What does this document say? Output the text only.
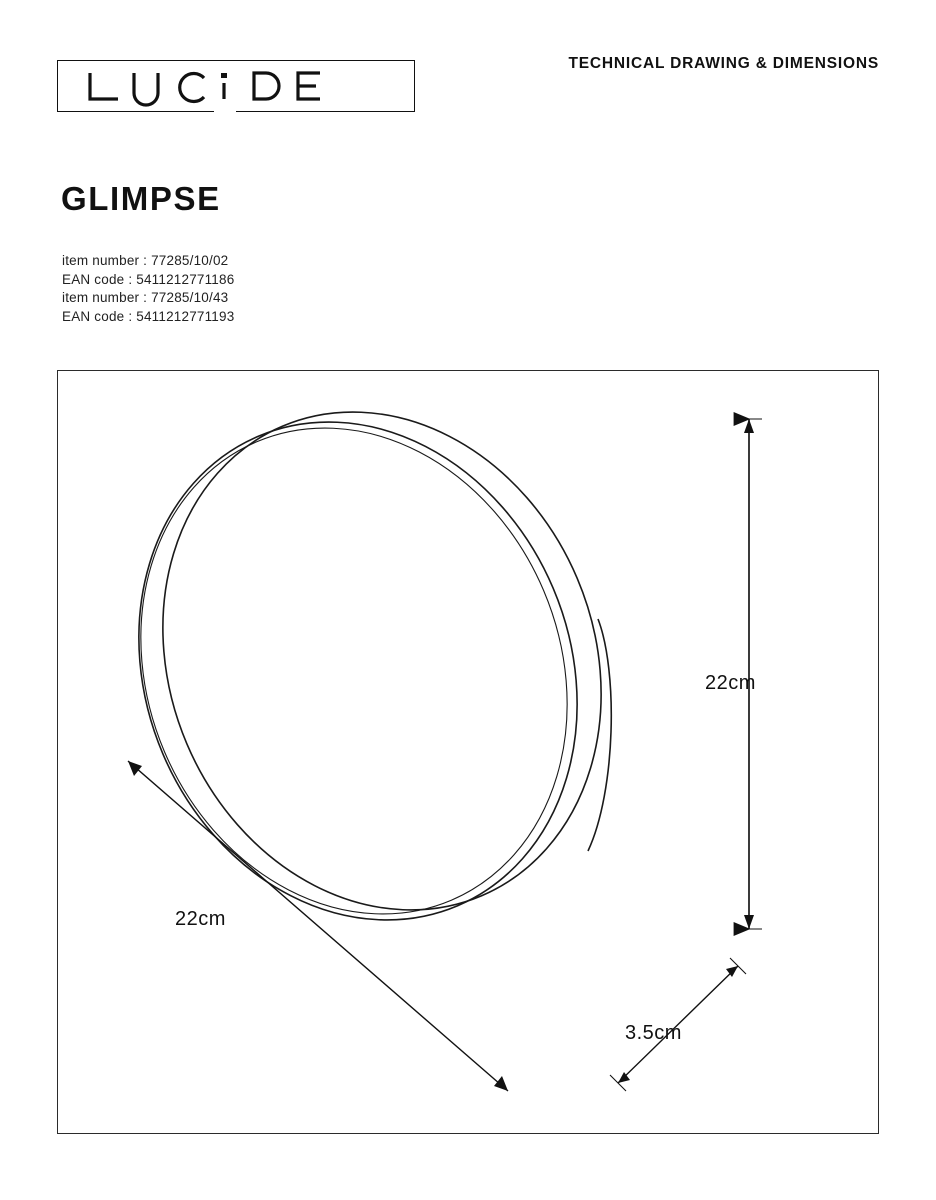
TECHNICAL DRAWING & DIMENSIONS
GLIMPSE
item number : 77285/10/02
EAN code : 5411212771186
item number : 77285/10/43
EAN code : 5411212771193
22cm
22cm
3.5cm
